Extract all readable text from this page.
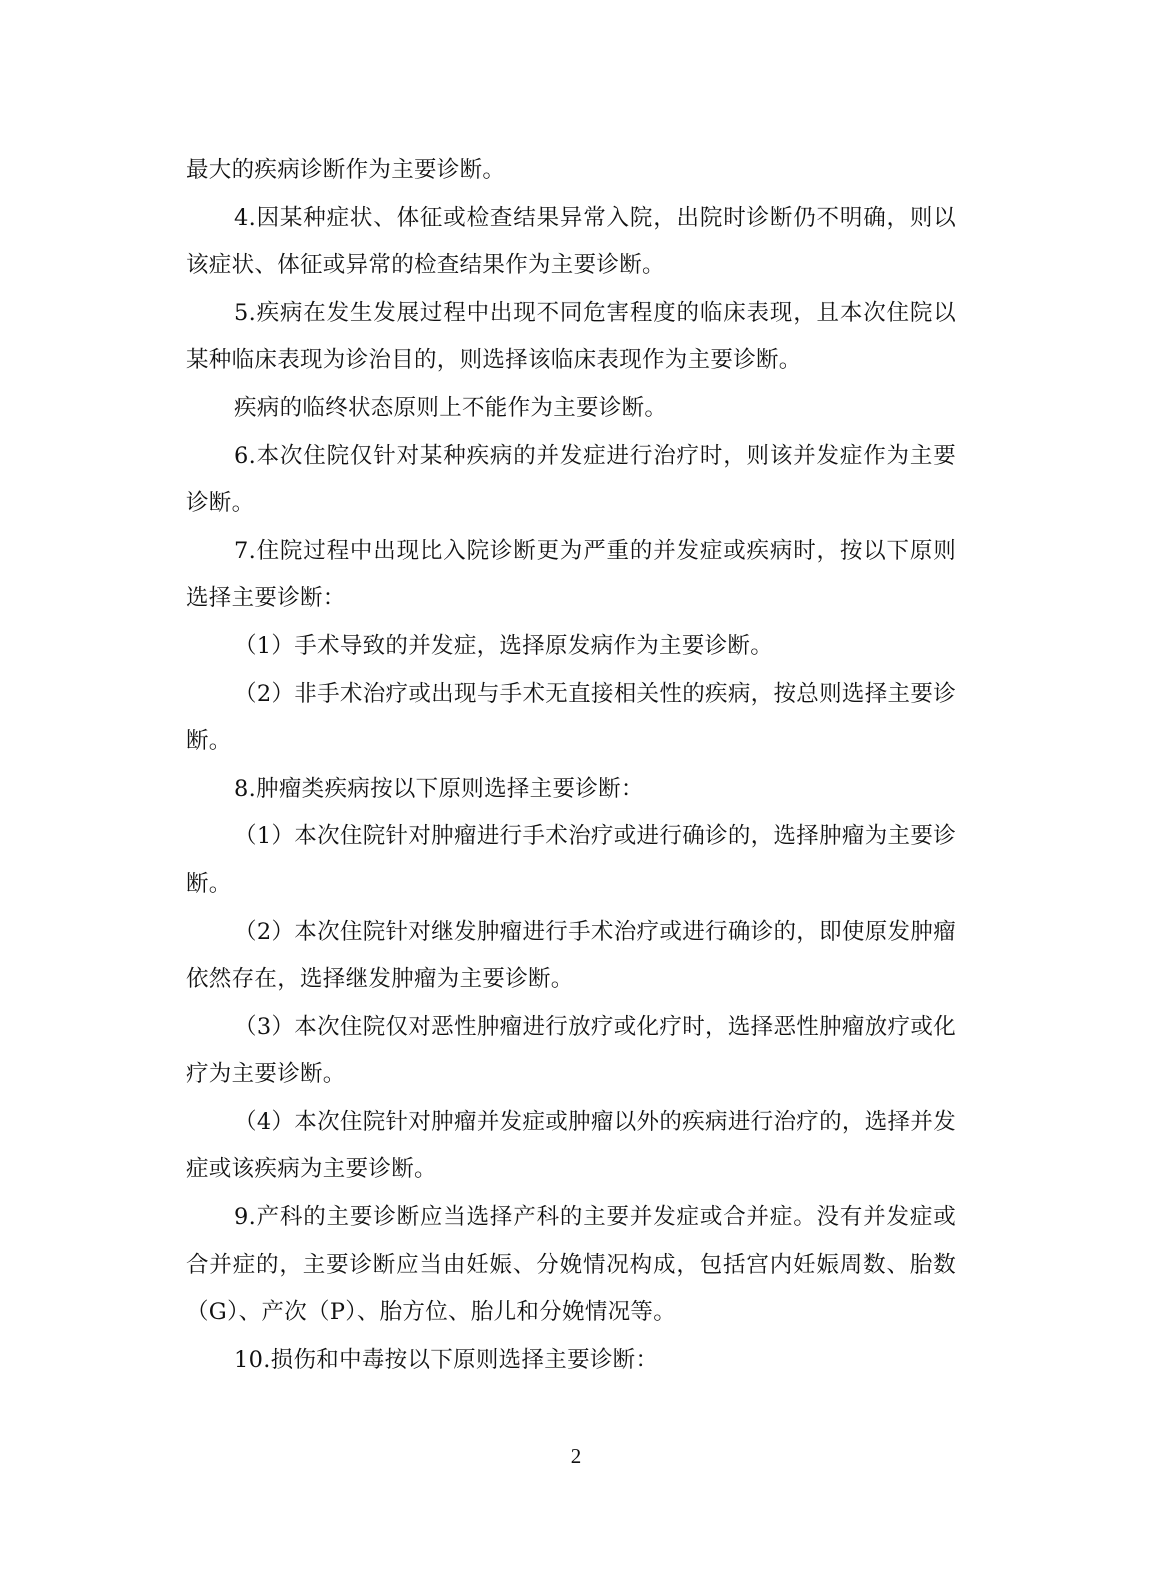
最大的疾病诊断作为主要诊断。

4.因某种症状、体征或检查结果异常入院，出院时诊断仍不明确，则以该症状、体征或异常的检查结果作为主要诊断。

5.疾病在发生发展过程中出现不同危害程度的临床表现，且本次住院以某种临床表现为诊治目的，则选择该临床表现作为主要诊断。

疾病的临终状态原则上不能作为主要诊断。

6.本次住院仅针对某种疾病的并发症进行治疗时，则该并发症作为主要诊断。

7.住院过程中出现比入院诊断更为严重的并发症或疾病时，按以下原则选择主要诊断：

（1）手术导致的并发症，选择原发病作为主要诊断。

（2）非手术治疗或出现与手术无直接相关性的疾病，按总则选择主要诊断。

8.肿瘤类疾病按以下原则选择主要诊断：

（1）本次住院针对肿瘤进行手术治疗或进行确诊的，选择肿瘤为主要诊断。

（2）本次住院针对继发肿瘤进行手术治疗或进行确诊的，即使原发肿瘤依然存在，选择继发肿瘤为主要诊断。

（3）本次住院仅对恶性肿瘤进行放疗或化疗时，选择恶性肿瘤放疗或化疗为主要诊断。

（4）本次住院针对肿瘤并发症或肿瘤以外的疾病进行治疗的，选择并发症或该疾病为主要诊断。

9.产科的主要诊断应当选择产科的主要并发症或合并症。没有并发症或合并症的，主要诊断应当由妊娠、分娩情况构成，包括宫内妊娠周数、胎数（G）、产次（P）、胎方位、胎儿和分娩情况等。

10.损伤和中毒按以下原则选择主要诊断：

2
